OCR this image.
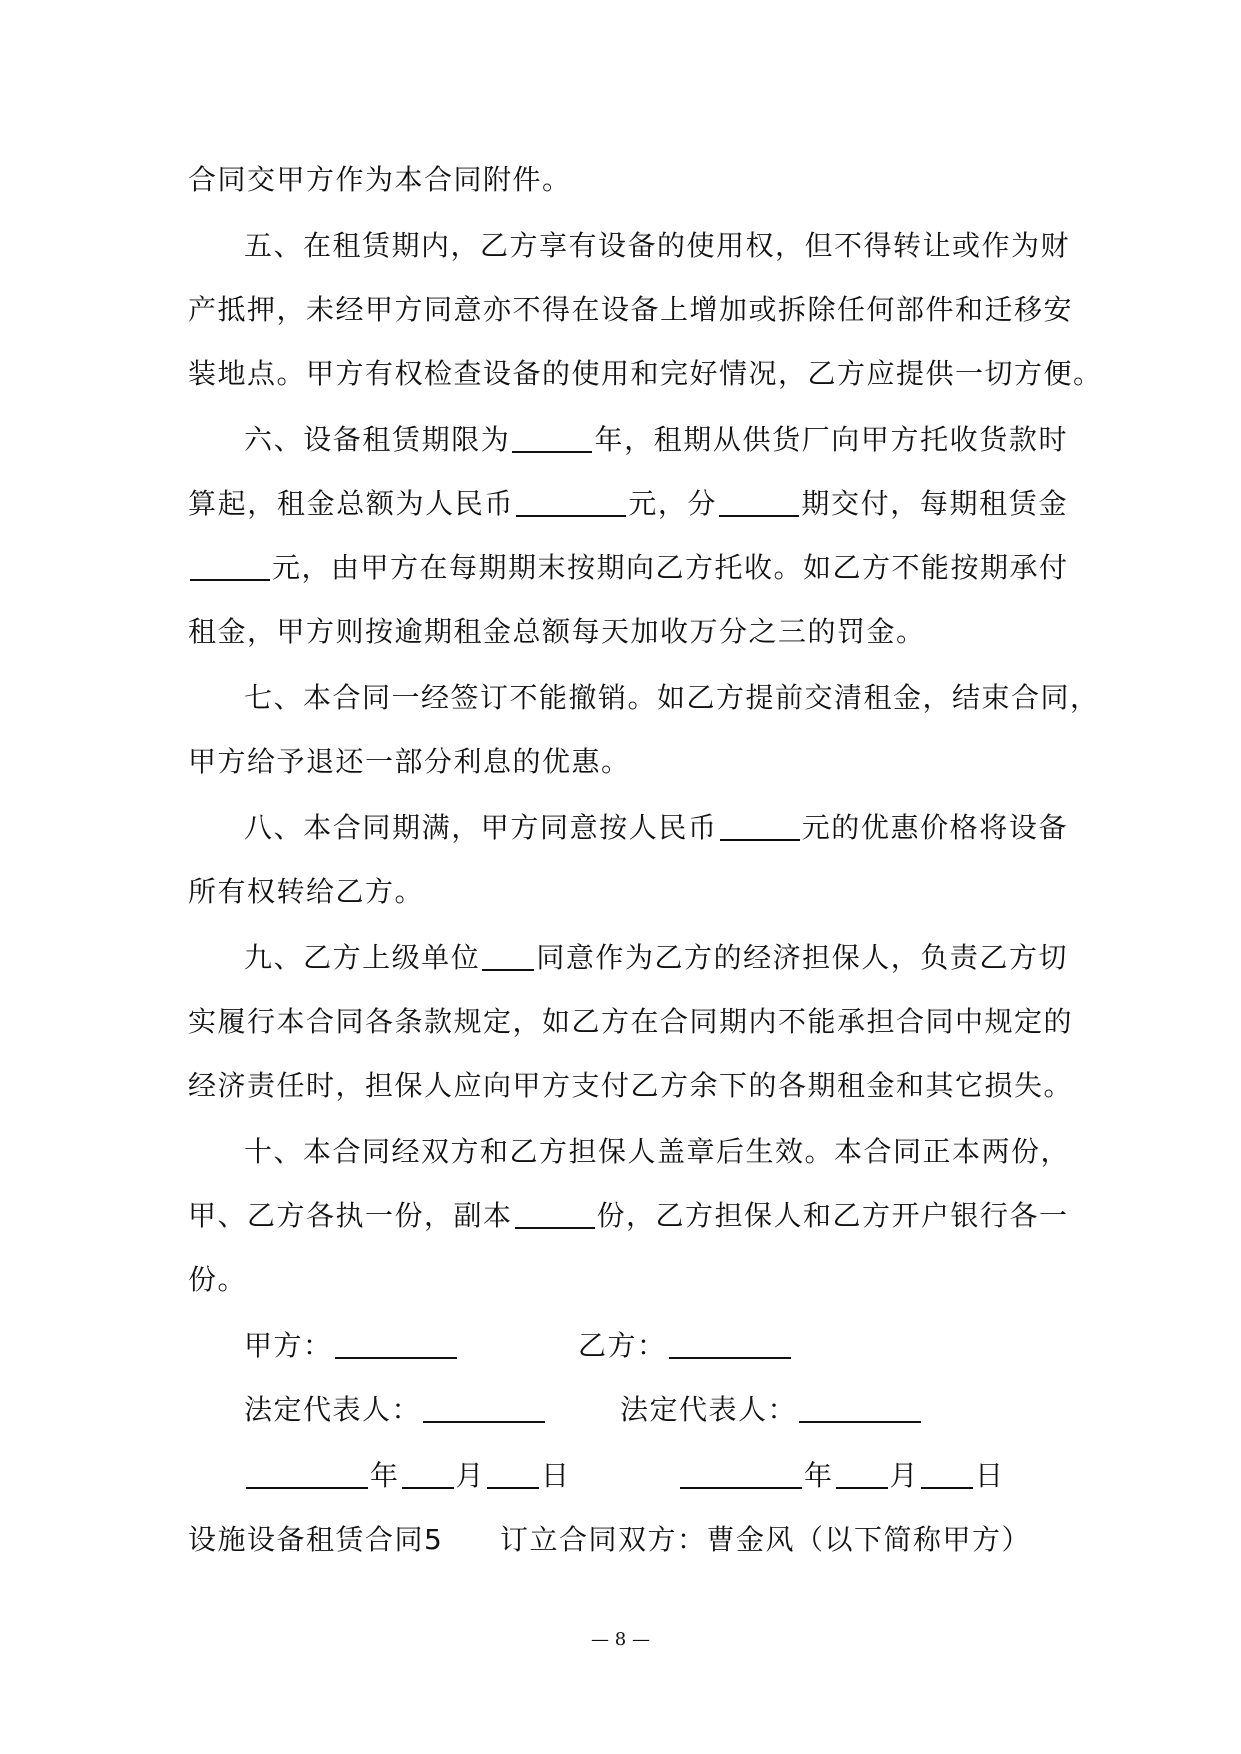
合同交甲方作为本合同附件。
五、在租赁期内，乙方享有设备的使用权，但不得转让或作为财
产抵押，未经甲方同意亦不得在设备上增加或拆除任何部件和迁移安
装地点。甲方有权检查设备的使用和完好情况，乙方应提供一切方便。
六、设备租赁期限为	年，租期从供货厂向甲方托收货款时
算起，租金总额为人民币	元，分	期交付，每期租赁金
元，由甲方在每期期末按期向乙方托收。如乙方不能按期承付
租金，甲方则按逾期租金总额每天加收万分之三的罚金。
七、本合同一经签订不能撤销。如乙方提前交清租金，结束合同，
甲方给予退还一部分利息的优惠。
八、本合同期满，甲方同意按人民币	元的优惠价格将设备
所有权转给乙方。
九、乙方上级单位 同意作为乙方的经济担保人，负责乙方切
实履行本合同各条款规定，如乙方在合同期内不能承担合同中规定的
经济责任时，担保人应向甲方支付乙方余下的各期租金和其它损失。
十、本合同经双方和乙方担保人盖章后生效。本合同正本两份，
甲、乙方各执一份，副本	份，乙方担保人和乙方开户银行各一
份。
甲方：	乙方：
法定代表人：	法定代表人：
年 月 日	年 月 日
设施设备租赁合同5 订立合同双方：曹金风（以下简称甲方）
— 8 —
